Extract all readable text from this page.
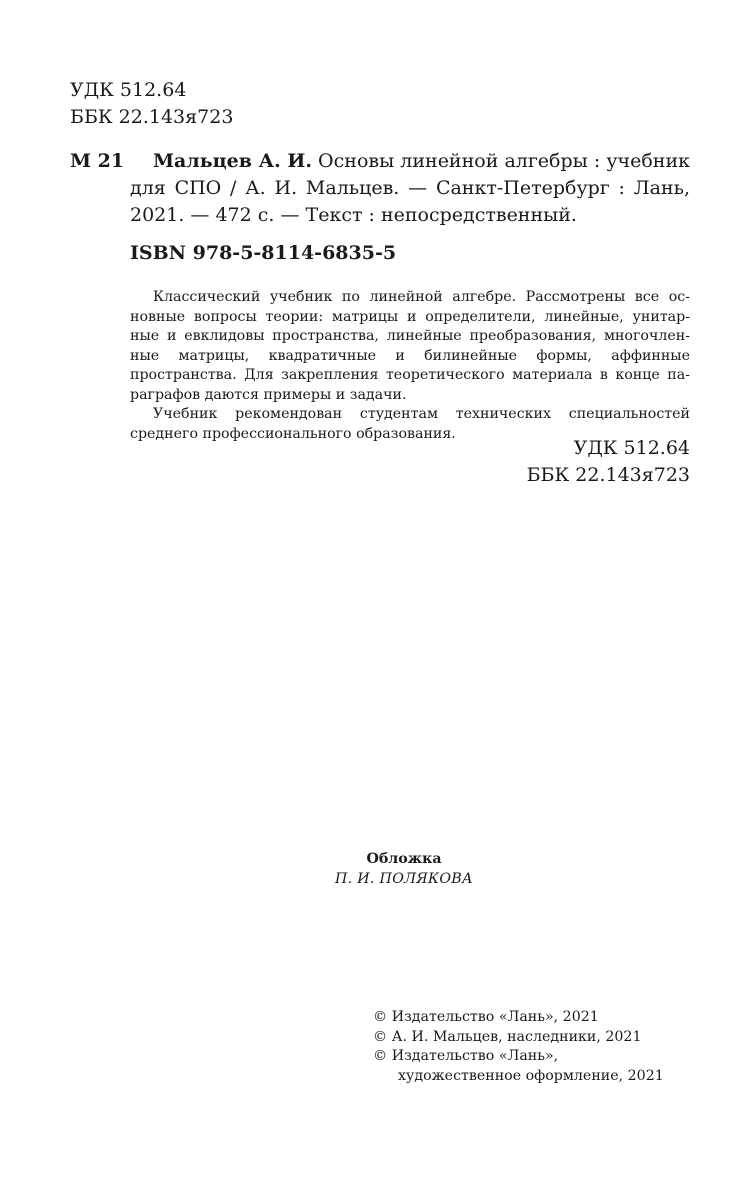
УДК 512.64
ББК 22.143я723
М 21 Мальцев А. И. Основы линейной алгебры : учебник
для СПО / А. И. Мальцев. — Санкт-Петербург : Лань,
2021. — 472 с. — Текст : непосредственный.
ISBN 978-5-8114-6835-5
Классический учебник по линейной алгебре. Рассмотрены все ос-
новные вопросы теории: матрицы и определители, линейные, унитар-
ные и евклидовы пространства, линейные преобразования, многочлен-
ные матрицы, квадратичные и билинейные формы, аффинные
пространства. Для закрепления теоретического материала в конце па-
раграфов даются примеры и задачи.
Учебник рекомендован студентам технических специальностей
среднего профессионального образования.
УДК 512.64
ББК 22.143я723
Обложка
П. И. ПОЛЯКОВА
© Издательство «Лань», 2021
© А. И. Мальцев, наследники, 2021
© Издательство «Лань»,
художественное оформление, 2021
